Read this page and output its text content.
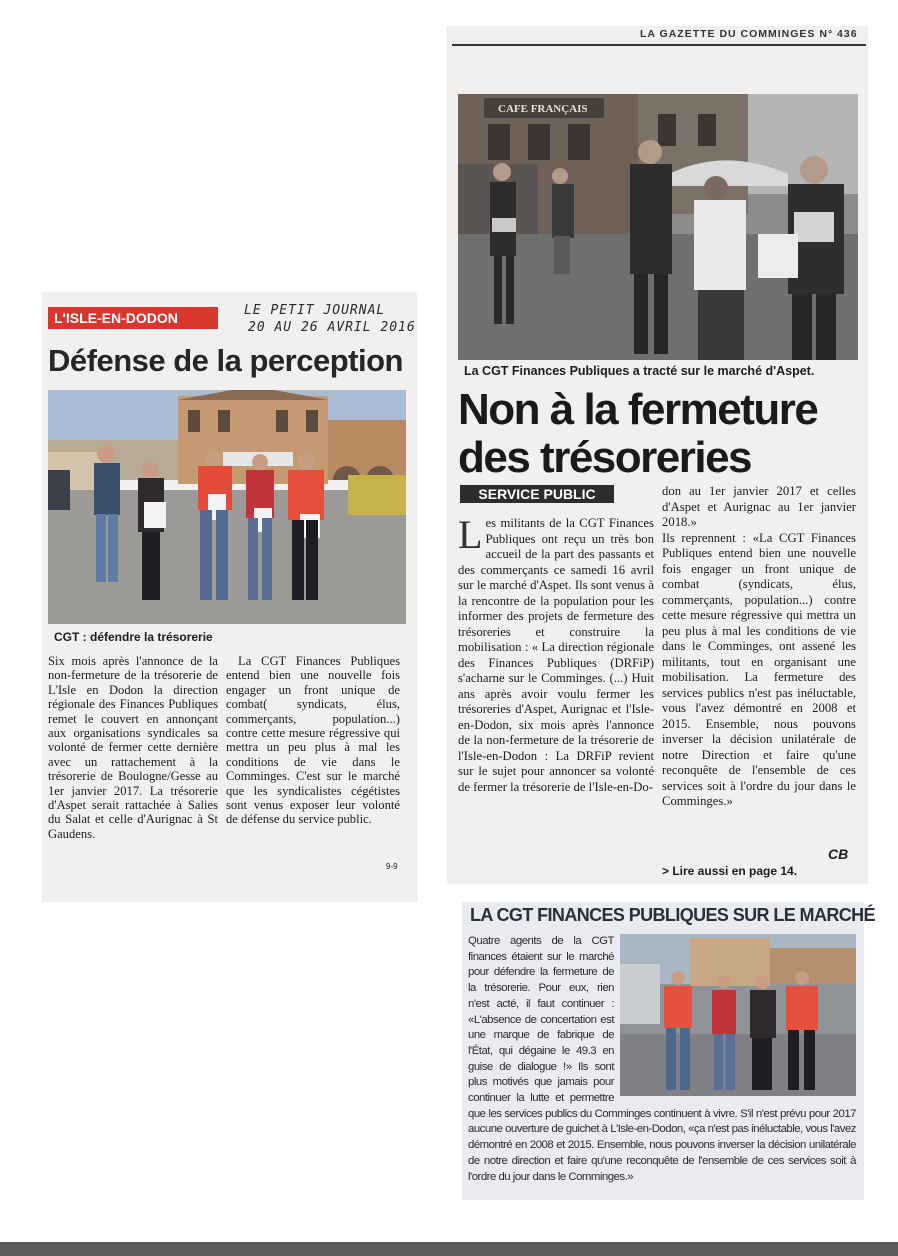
L'ISLE-EN-DODON	LE PETIT JOURNAL
20 AU 26 AVRIL 2016
Défense de la perception
CGT : défendre la trésorerie

Six mois après l'annonce de la non-fermeture de la trésorerie de L'Isle en Dodon la direction régionale des Finances Publiques remet le couvert en annonçant aux organisations syndicales sa volonté de fermer cette dernière avec un rattachement à la trésorerie de Boulogne/Gesse au 1er janvier 2017. La trésorerie d'Aspet serait rattachée à Salies du Salat et celle d'Aurignac à St Gaudens.

La CGT Finances Publiques entend bien une nouvelle fois engager un front unique de combat( syndicats, élus, commerçants, population...) contre cette mesure régressive qui mettra un peu plus à mal les conditions de vie dans le Comminges. C'est sur le marché que les syndicalistes cégétistes sont venus exposer leur volonté de défense du service public.

9-9
LA GAZETTE DU COMMINGES N° 436
CAFE FRANÇAIS
La CGT Finances Publiques a tracté sur le marché d'Aspet.
Non à la fermeture des trésoreries
SERVICE PUBLIC

Les militants de la CGT Finances Publiques ont reçu un très bon accueil de la part des passants et des commerçants ce samedi 16 avril sur le marché d'Aspet. Ils sont venus à la rencontre de la population pour les informer des projets de fermeture des trésoreries et construire la mobilisation : « La direction régionale des Finances Publiques (DRFiP) s'acharne sur le Comminges. (...) Huit ans après avoir voulu fermer les trésoreries d'Aspet, Aurignac et l'Isle-en-Dodon, six mois après l'annonce de la non-fermeture de la trésorerie de l'Isle-en-Dodon : La DRFiP revient sur le sujet pour annoncer sa volonté de fermer la trésorerie de l'Isle-en-Do-

don au 1er janvier 2017 et celles d'Aspet et Aurignac au 1er janvier 2018.»

Ils reprennent : «La CGT Finances Publiques entend bien une nouvelle fois engager un front unique de combat (syndicats, élus, commerçants, population...) contre cette mesure régressive qui mettra un peu plus à mal les conditions de vie dans le Comminges, ont assené les militants, tout en organisant une mobilisation. La fermeture des services publics n'est pas inéluctable, vous l'avez démontré en 2008 et 2015. Ensemble, nous pouvons inverser la décision unilatérale de notre Direction et faire qu'une reconquête de l'ensemble de ces services soit à l'ordre du jour dans le Comminges.»

CB
> Lire aussi en page 14.
LA CGT FINANCES PUBLIQUES SUR LE MARCHÉ
Quatre agents de la CGT finances étaient sur le marché pour défendre la fermeture de la trésorerie. Pour eux, rien n'est acté, il faut continuer : «L'absence de concertation est une marque de fabrique de l'État, qui dégaine le 49.3 en guise de dialogue !» Ils sont plus motivés que jamais pour continuer la lutte et permettre que les services publics du Comminges continuent à vivre. S'il n'est prévu pour 2017 aucune ouverture de guichet à L'Isle-en-Dodon, «ça n'est pas inéluctable, vous l'avez démontré en 2008 et 2015. Ensemble, nous pouvons inverser la décision unilatérale de notre direction et faire qu'une reconquête de l'ensemble de ces services soit à l'ordre du jour dans le Comminges.»
